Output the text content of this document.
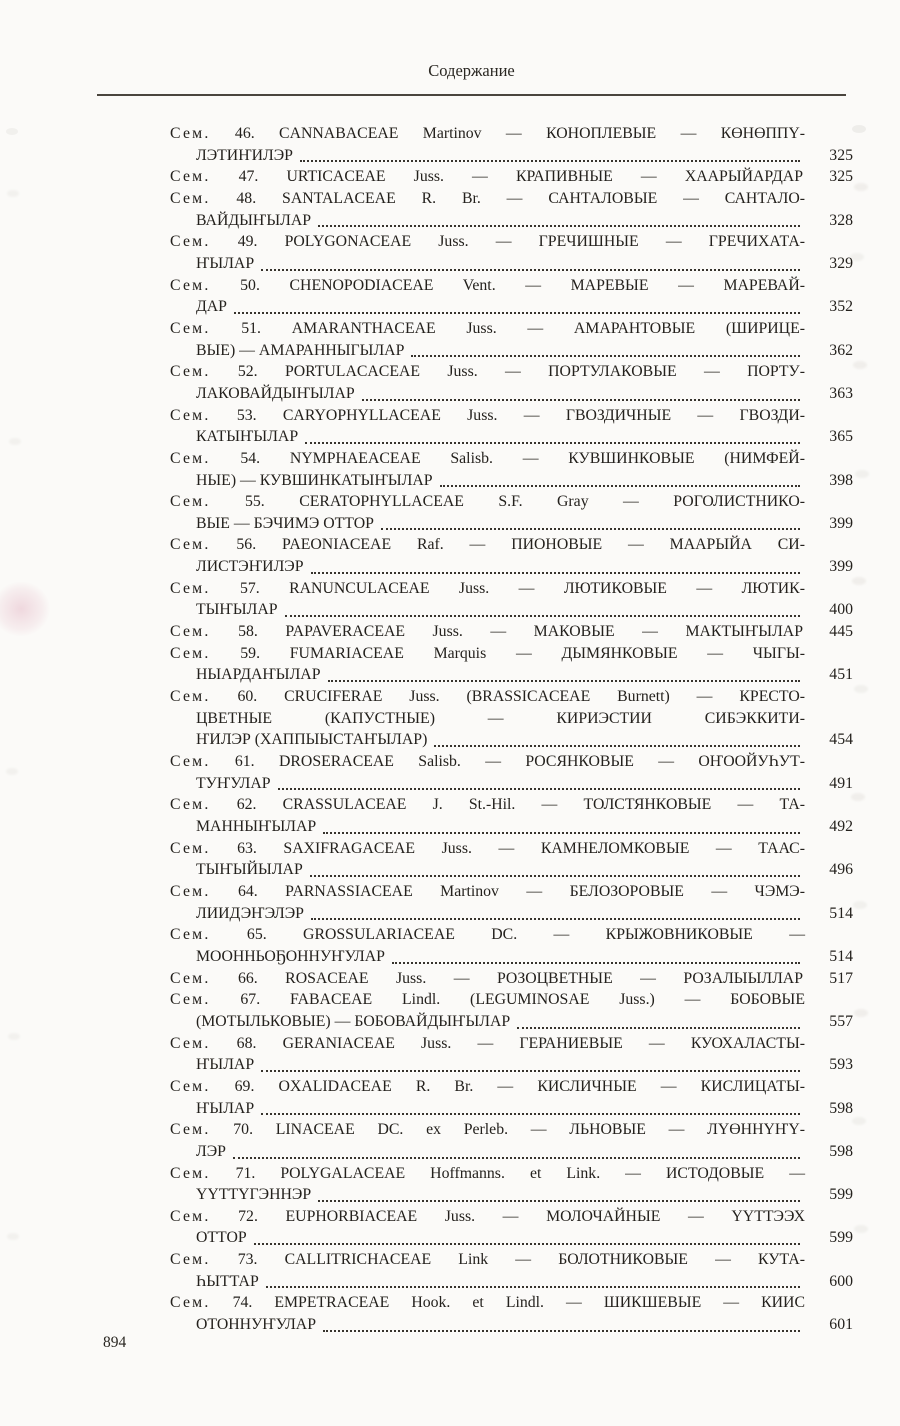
Содержание
Сем. 46. CANNABACEAE Martinov — КОНОПЛЕВЫЕ — КӨНӨППҮ-
ЛЭТИҤИЛЭР	325
Сем. 47. URTICACEAE Juss. — КРАПИВНЫЕ — ХААРЫЙАРДАР	325
Сем. 48. SANTALACEAE R. Br. — САНТАЛОВЫЕ — САНТАЛО-
ВАЙДЫҤЫЛАР	328
Сем. 49. POLYGONACEAE Juss. — ГРЕЧИШНЫЕ — ГРЕЧИХАТА-
ҤЫЛАР	329
Сем. 50. CHENOPODIACEAE Vent. — МАРЕВЫЕ — МАРЕВАЙ-
ДАР	352
Сем. 51. AMARANTHACEAE Juss. — АМАРАНТОВЫЕ (ШИРИЦЕ-
ВЫЕ) — АМАРАННЫГЫЛАР	362
Сем. 52. PORTULACACEAE Juss. — ПОРТУЛАКОВЫЕ — ПОРТУ-
ЛАКОВАЙДЫҤЫЛАР	363
Сем. 53. CARYOPHYLLACEAE Juss. — ГВОЗДИЧНЫЕ — ГВОЗДИ-
КАТЫҤЫЛАР	365
Сем. 54. NYMPHAEACEAE Salisb. — КУВШИНКОВЫЕ (НИМФЕЙ-
НЫЕ) — КУВШИНКАТЫҤЫЛАР	398
Сем. 55. CERATOPHYLLACEAE S.F. Gray — РОГОЛИСТНИКО-
ВЫЕ — БЭЧИМЭ ОТТОР	399
Сем. 56. PAEONIACEAE Raf. — ПИОНОВЫЕ — МААРЫЙА СИ-
ЛИСТЭҤИЛЭР	399
Сем. 57. RANUNCULACEAE Juss. — ЛЮТИКОВЫЕ — ЛЮТИК-
ТЫҤЫЛАР	400
Сем. 58. PAPAVERACEAE Juss. — МАКОВЫЕ — МАКТЫҤЫЛАР	445
Сем. 59. FUMARIACEAE Marquis — ДЫМЯНКОВЫЕ — ЧЫГЫ-
НЫАРДАҤЫЛАР	451
Сем. 60. CRUCIFERAE Juss. (BRASSICACEAE Burnett) — КРЕСТО-
ЦВЕТНЫЕ (КАПУСТНЫЕ) — КИРИЭСТИИ СИБЭККИТИ-
ҤИЛЭР (ХАППЫЫСТАҤЫЛАР)	454
Сем. 61. DROSERACEAE Salisb. — РОСЯНКОВЫЕ — ОҤООЙУҺУТ-
ТУҤУЛАР	491
Сем. 62. CRASSULACEAE J. St.-Hil. — ТОЛСТЯНКОВЫЕ — ТА-
МАННЫҤЫЛАР	492
Сем. 63. SAXIFRAGACEAE Juss. — КАМНЕЛОМКОВЫЕ — ТААС-
ТЫҤЫЙЫЛАР	496
Сем. 64. PARNASSIACEAE Martinov — БЕЛОЗОРОВЫЕ — ЧЭМЭ-
ЛИИДЭҤЭЛЭР	514
Сем. 65. GROSSULARIACEAE DC. — КРЫЖОВНИКОВЫЕ —
МООННЬОҔОННУҤУЛАР	514
Сем. 66. ROSACEAE Juss. — РОЗОЦВЕТНЫЕ — РОЗАЛЫЫЛЛАР	517
Сем. 67. FABACEAE Lindl. (LEGUMINOSAE Juss.) — БОБОВЫЕ
(МОТЫЛЬКОВЫЕ) — БОБОВАЙДЫҤЫЛАР	557
Сем. 68. GERANIACEAE Juss. — ГЕРАНИЕВЫЕ — КУОХАЛАСТЫ-
ҤЫЛАР	593
Сем. 69. OXALIDACEAE R. Br. — КИСЛИЧНЫЕ — КИСЛИЦАТЫ-
ҤЫЛАР	598
Сем. 70. LINACEAE DC. ex Perleb. — ЛЬНОВЫЕ — ЛҮӨННҮҤҮ-
ЛЭР	598
Сем. 71. POLYGALACEAE Hoffmanns. et Link. — ИСТОДОВЫЕ —
ҮҮТТҮГЭННЭР	599
Сем. 72. EUPHORBIACEAE Juss. — МОЛОЧАЙНЫЕ — ҮҮТТЭЭХ
ОТТОР	599
Сем. 73. CALLITRICHACEAE Link — БОЛОТНИКОВЫЕ — КУТА-
ҺЫТТАР	600
Сем. 74. EMPETRACEAE Hook. et Lindl. — ШИКШЕВЫЕ — КИИС
ОТОННУҤУЛАР	601
894
